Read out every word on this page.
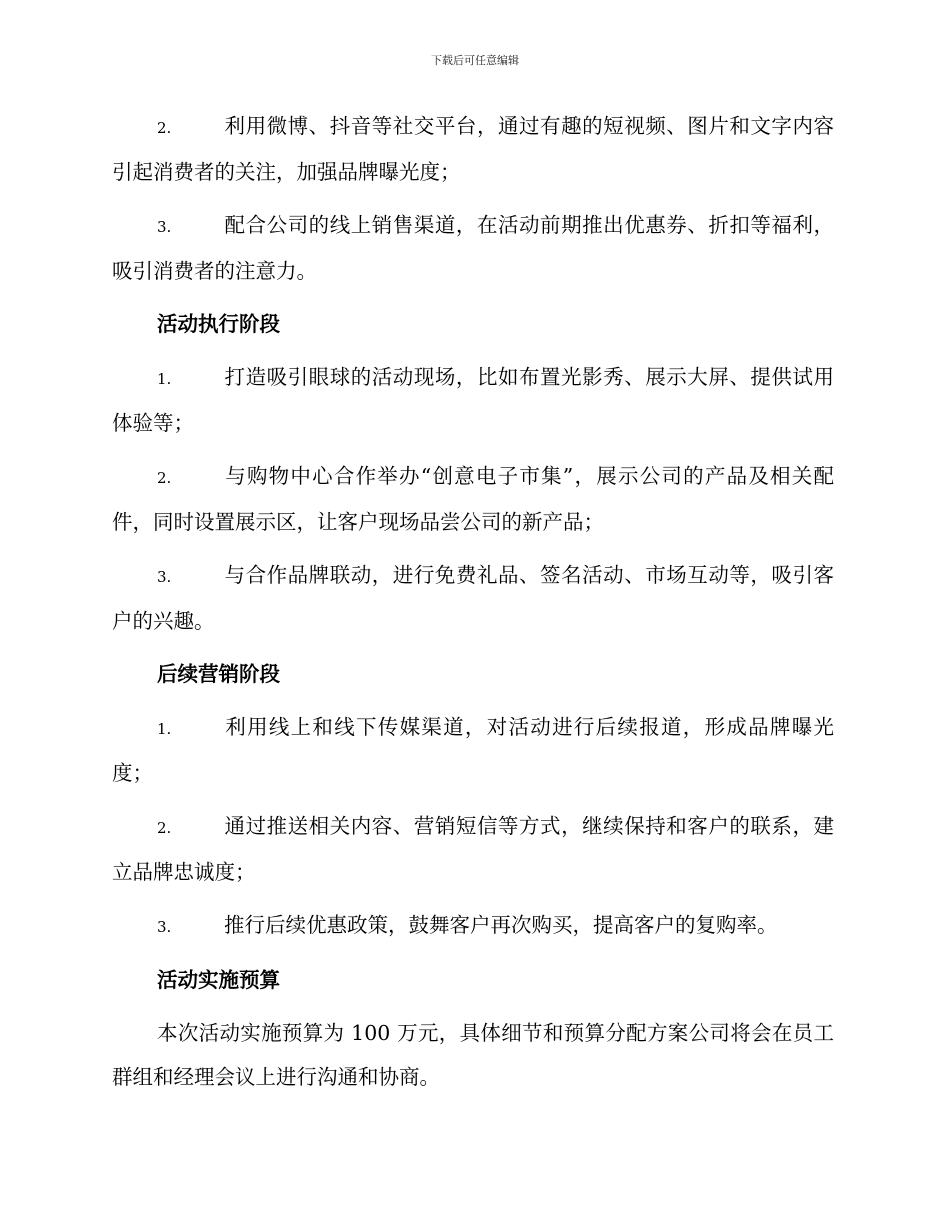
下载后可任意编辑

2.	利用微博、抖音等社交平台，通过有趣的短视频、图片和文字内容引起消费者的关注，加强品牌曝光度；

3.	配合公司的线上销售渠道，在活动前期推出优惠券、折扣等福利，吸引消费者的注意力。

活动执行阶段

1.	打造吸引眼球的活动现场，比如布置光影秀、展示大屏、提供试用体验等；

2.	与购物中心合作举办“创意电子市集”，展示公司的产品及相关配件，同时设置展示区，让客户现场品尝公司的新产品；

3.	与合作品牌联动，进行免费礼品、签名活动、市场互动等，吸引客户的兴趣。

后续营销阶段

1.	利用线上和线下传媒渠道，对活动进行后续报道，形成品牌曝光度；

2.	通过推送相关内容、营销短信等方式，继续保持和客户的联系，建立品牌忠诚度；

3.	推行后续优惠政策，鼓舞客户再次购买，提高客户的复购率。

活动实施预算

本次活动实施预算为 100 万元，具体细节和预算分配方案公司将会在员工群组和经理会议上进行沟通和协商。
